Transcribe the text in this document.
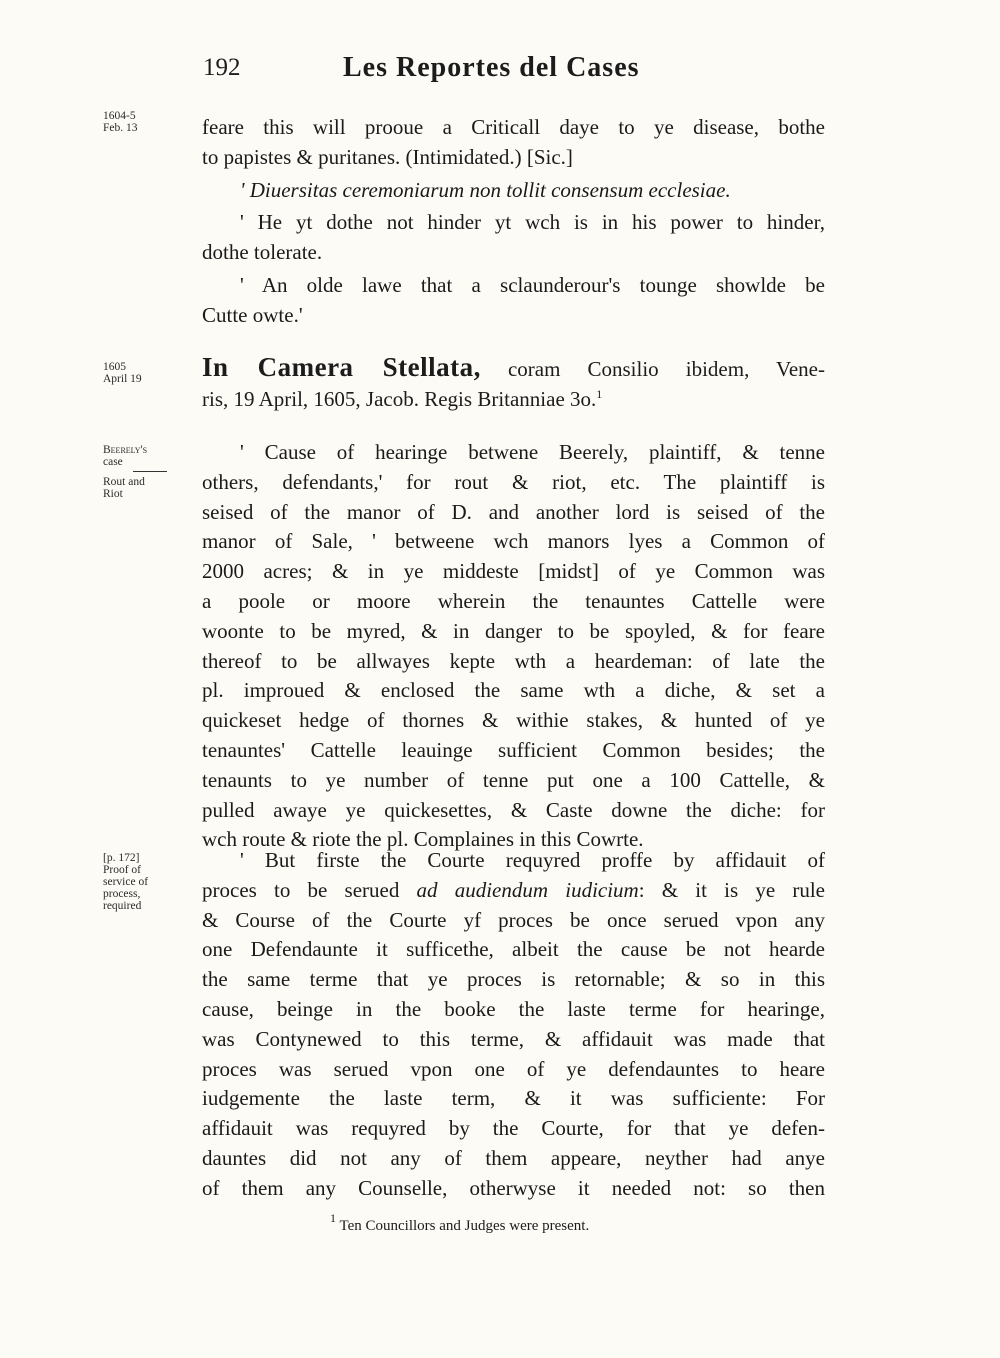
192	Les Reportes del Cases
1604-5
Feb. 13
1605
April 19
Beerely's
case
Rout and
Riot
[p. 172]
Proof of
service of
process,
required
feare this will prooue a Criticall daye to ye disease, bothe
to papistes & puritanes. (Intimidated.) [Sic.]
' Diuersitas ceremoniarum non tollit consensum ecclesiae.
' He yt dothe not hinder yt wch is in his power to hinder,
dothe tolerate.
' An olde lawe that a sclaunderour's tounge showlde be
Cutte owte.'
In Camera Stellata, coram Consilio ibidem, Vene-
ris, 19 April, 1605, Jacob. Regis Britanniae 3o.$^1$
' Cause of hearinge betwene Beerely, plaintiff, & tenne
others, defendants,' for rout & riot, etc. The plaintiff is
seised of the manor of D. and another lord is seised of the
manor of Sale, ' betweene wch manors lyes a Common of
2000 acres; & in ye middeste [midst] of ye Common was
a poole or moore wherein the tenauntes Cattelle were
woonte to be myred, & in danger to be spoyled, & for feare
thereof to be allwayes kepte wth a heardeman: of late the
pl. improued & enclosed the same wth a diche, & set a
quickeset hedge of thornes & withie stakes, & hunted of ye
tenauntes' Cattelle leauinge sufficient Common besides; the
tenaunts to ye number of tenne put one a 100 Cattelle, &
pulled awaye ye quickesettes, & Caste downe the diche: for
wch route & riote the pl. Complaines in this Cowrte.
' But firste the Courte requyred proffe by affidauit of
proces to be serued ad audiendum iudicium: & it is ye rule
& Course of the Courte yf proces be once serued vpon any
one Defendaunte it sufficethe, albeit the cause be not hearde
the same terme that ye proces is retornable; & so in this
cause, beinge in the booke the laste terme for hearinge,
was Contynewed to this terme, & affidauit was made that
proces was serued vpon one of ye defendauntes to heare
iudgemente the laste term, & it was sufficiente: For
affidauit was requyred by the Courte, for that ye defen-
dauntes did not any of them appeare, neyther had anye
of them any Counselle, otherwyse it needed not: so then
$^1$ Ten Councillors and Judges were present.
